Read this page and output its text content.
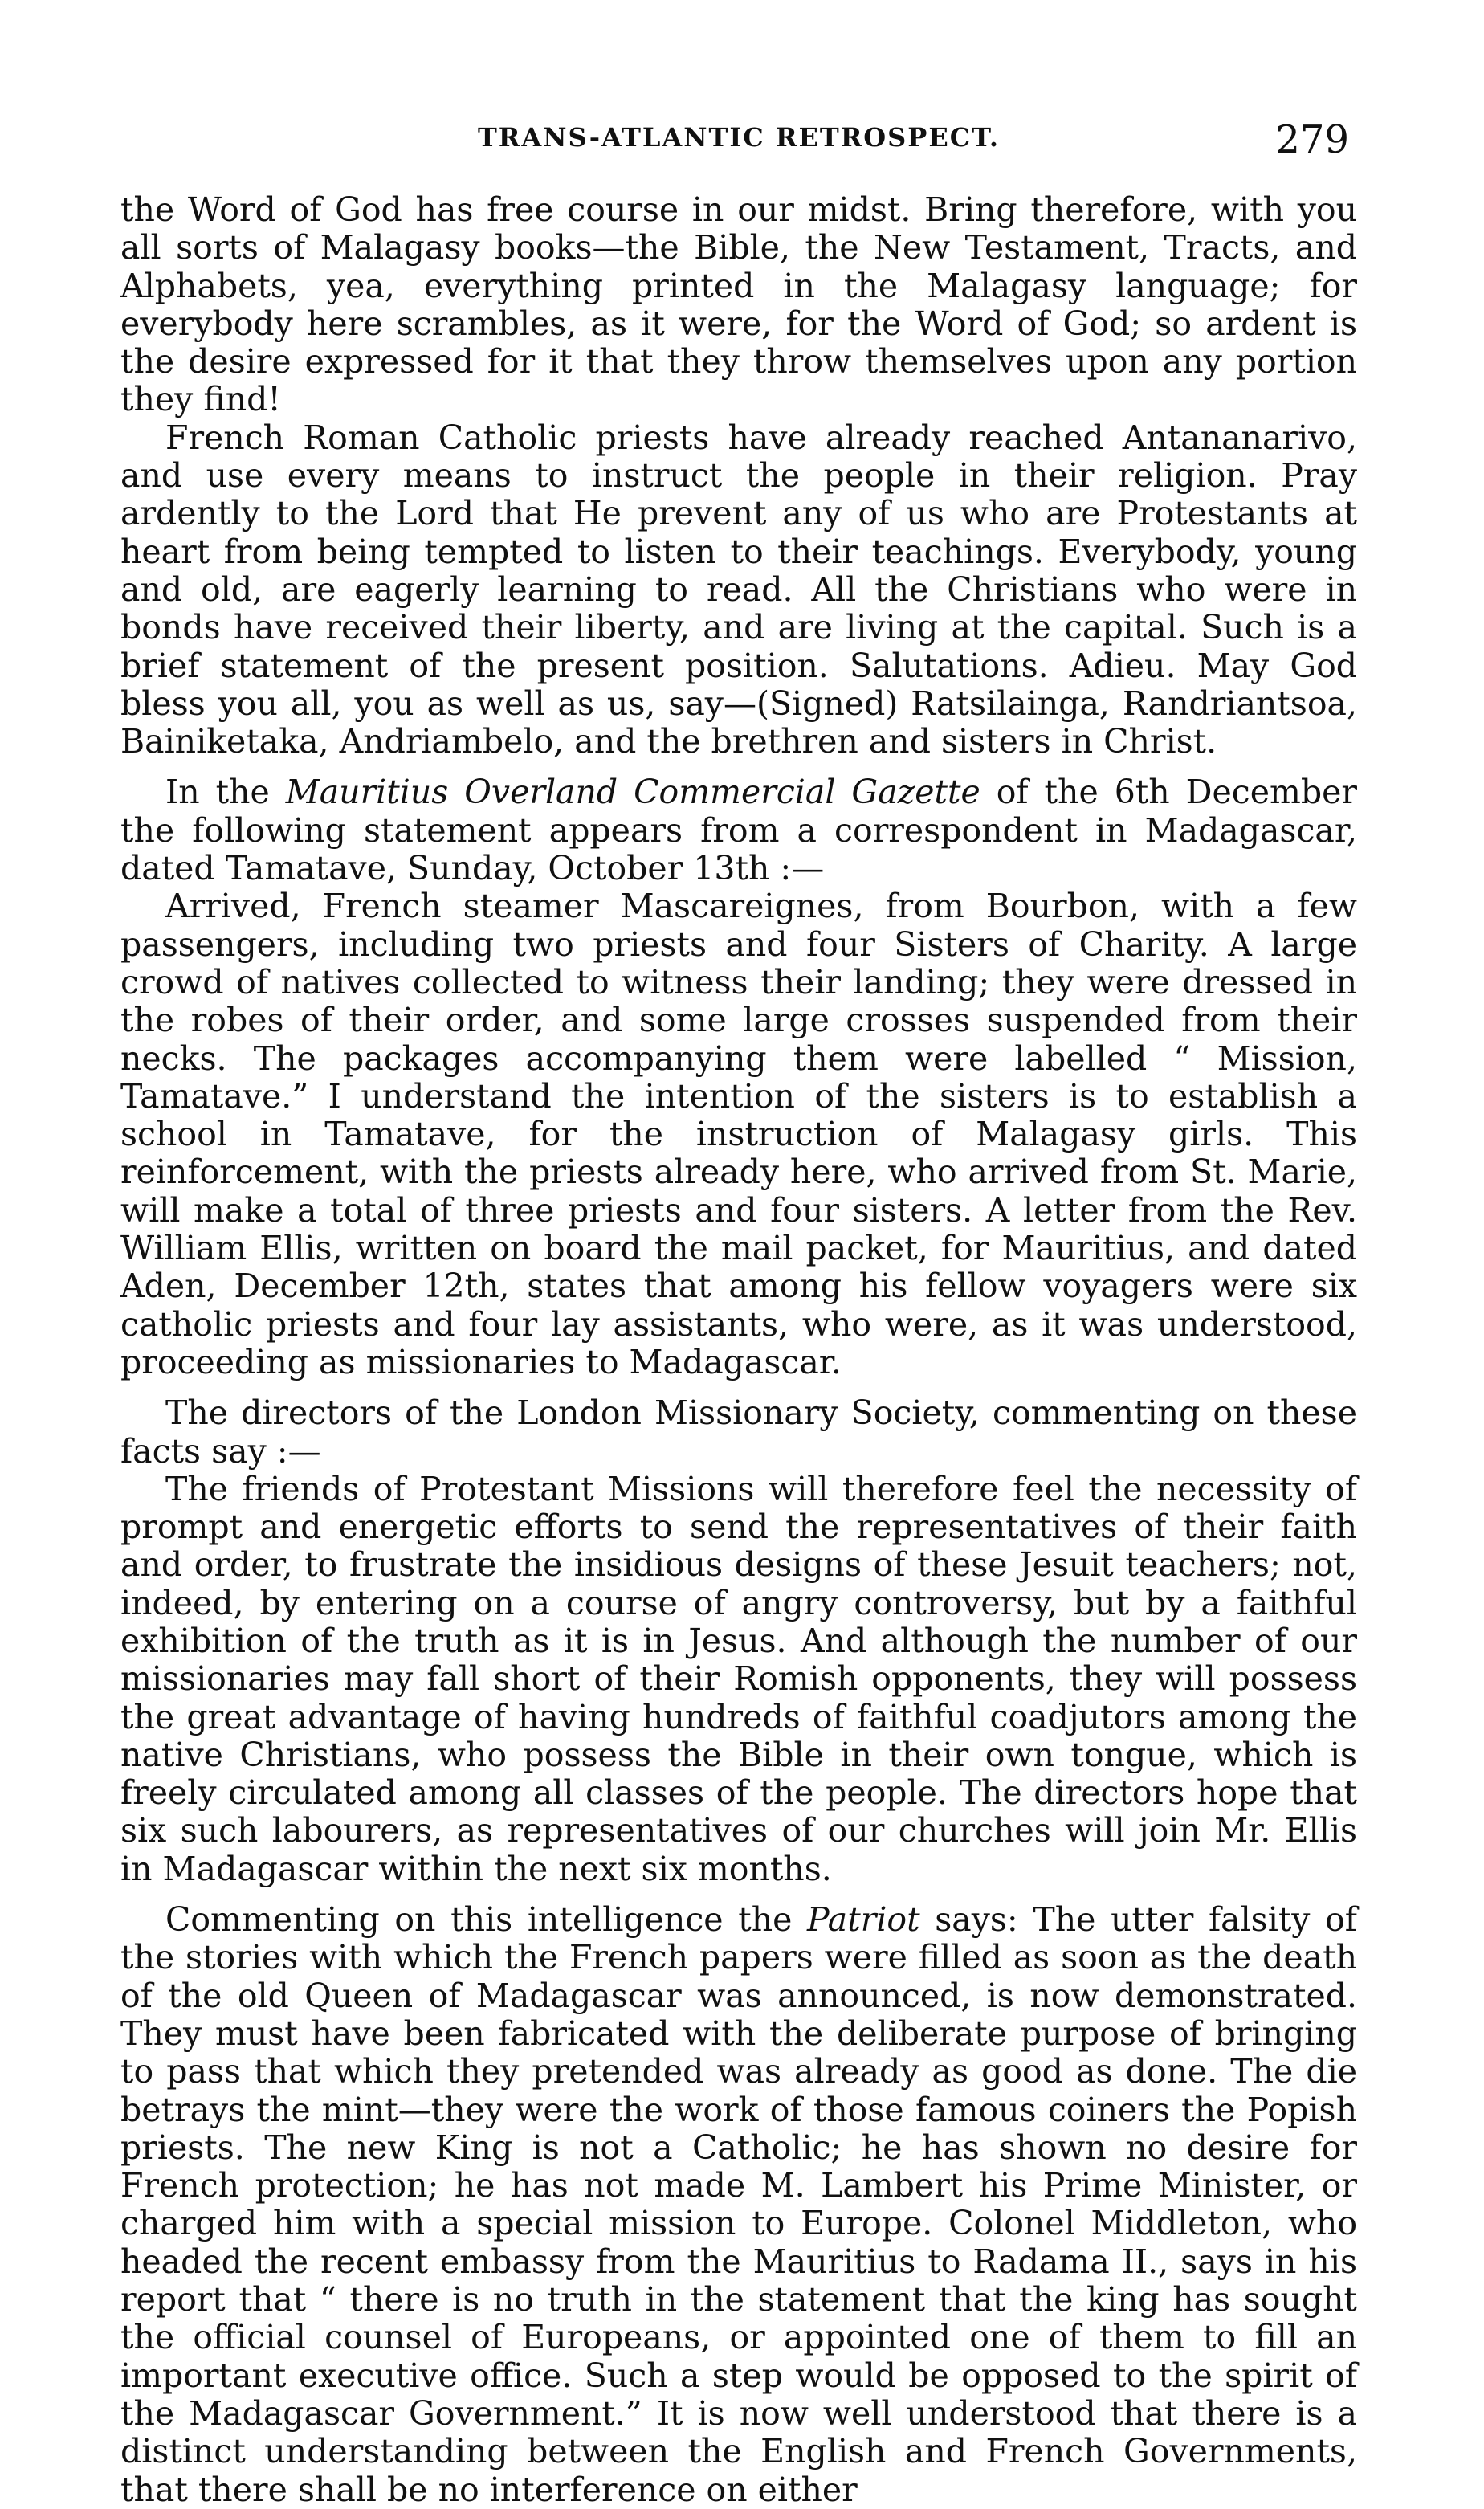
TRANS-ATLANTIC RETROSPECT.	279

the Word of God has free course in our midst. Bring therefore, with you all sorts of Malagasy books—the Bible, the New Testament, Tracts, and Alphabets, yea, everything printed in the Malagasy language; for everybody here scrambles, as it were, for the Word of God; so ardent is the desire expressed for it that they throw themselves upon any portion they find!

French Roman Catholic priests have already reached Antananarivo, and use every means to instruct the people in their religion. Pray ardently to the Lord that He prevent any of us who are Protestants at heart from being tempted to listen to their teachings. Everybody, young and old, are eagerly learning to read. All the Christians who were in bonds have received their liberty, and are living at the capital. Such is a brief statement of the present position. Salutations. Adieu. May God bless you all, you as well as us, say—(Signed) Ratsilainga, Randriantsoa, Bainiketaka, Andriambelo, and the brethren and sisters in Christ.

In the Mauritius Overland Commercial Gazette of the 6th December the following statement appears from a correspondent in Madagascar, dated Tamatave, Sunday, October 13th :—

Arrived, French steamer Mascareignes, from Bourbon, with a few passengers, including two priests and four Sisters of Charity. A large crowd of natives collected to witness their landing; they were dressed in the robes of their order, and some large crosses suspended from their necks. The packages accompanying them were labelled “ Mission, Tamatave.” I understand the intention of the sisters is to establish a school in Tamatave, for the instruction of Malagasy girls. This reinforcement, with the priests already here, who arrived from St. Marie, will make a total of three priests and four sisters. A letter from the Rev. William Ellis, written on board the mail packet, for Mauritius, and dated Aden, December 12th, states that among his fellow voyagers were six catholic priests and four lay assistants, who were, as it was understood, proceeding as missionaries to Madagascar.

The directors of the London Missionary Society, commenting on these facts say :—

The friends of Protestant Missions will therefore feel the necessity of prompt and energetic efforts to send the representatives of their faith and order, to frustrate the insidious designs of these Jesuit teachers; not, indeed, by entering on a course of angry controversy, but by a faithful exhibition of the truth as it is in Jesus. And although the number of our missionaries may fall short of their Romish opponents, they will possess the great advantage of having hundreds of faithful coadjutors among the native Christians, who possess the Bible in their own tongue, which is freely circulated among all classes of the people. The directors hope that six such labourers, as representatives of our churches will join Mr. Ellis in Madagascar within the next six months.

Commenting on this intelligence the Patriot says: The utter falsity of the stories with which the French papers were filled as soon as the death of the old Queen of Madagascar was announced, is now demonstrated. They must have been fabricated with the deliberate purpose of bringing to pass that which they pretended was already as good as done. The die betrays the mint—they were the work of those famous coiners the Popish priests. The new King is not a Catholic; he has shown no desire for French protection; he has not made M. Lambert his Prime Minister, or charged him with a special mission to Europe. Colonel Middleton, who headed the recent embassy from the Mauritius to Radama II., says in his report that “ there is no truth in the statement that the king has sought the official counsel of Europeans, or appointed one of them to fill an important executive office. Such a step would be opposed to the spirit of the Madagascar Government.” It is now well understood that there is a distinct understanding between the English and French Governments, that there shall be no interference on either
